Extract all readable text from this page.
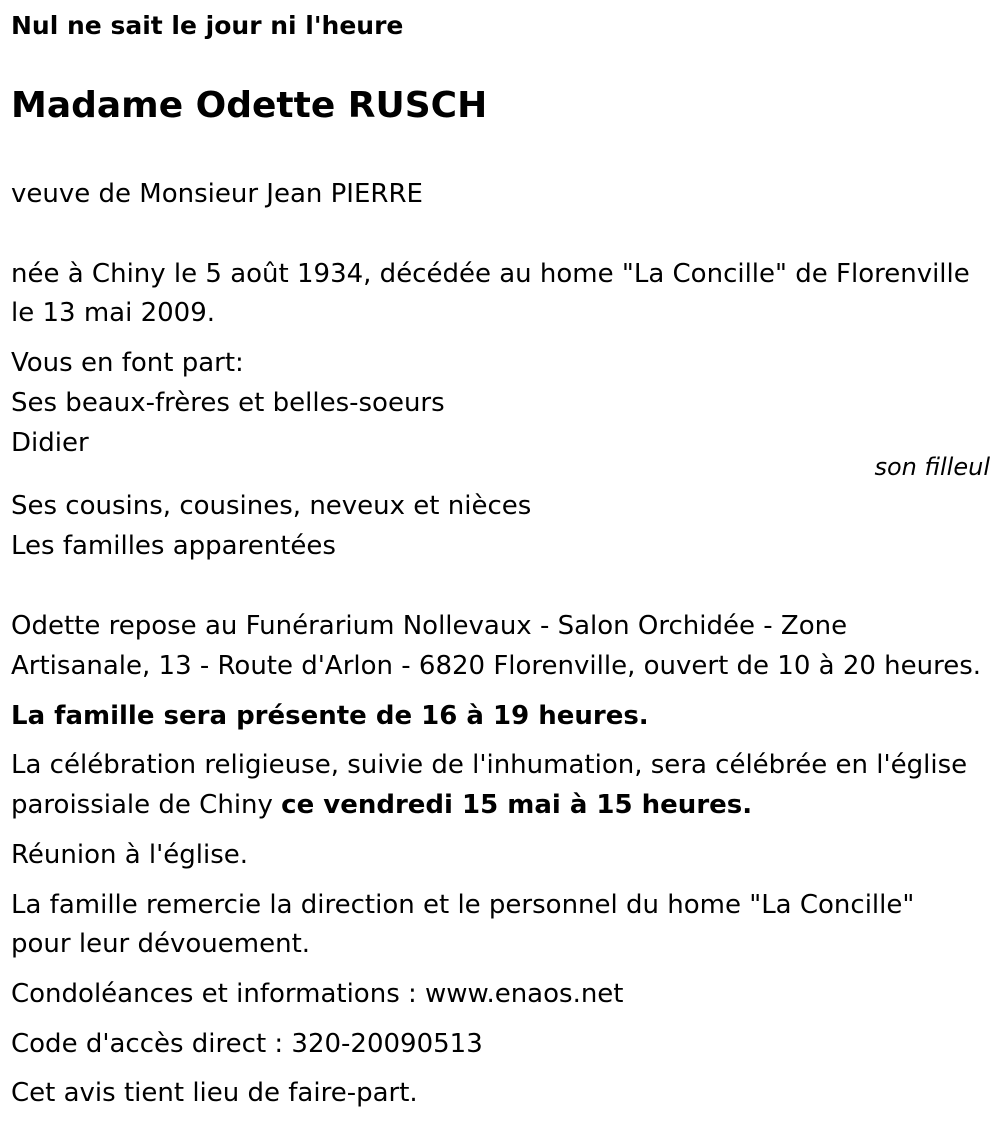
Nul ne sait le jour ni l'heure
Madame Odette RUSCH
veuve de Monsieur Jean PIERRE
née à Chiny le 5 août 1934, décédée au home "La Concille" de Florenville
le 13 mai 2009.
Vous en font part:
Ses beaux-frères et belles-soeurs
Didier
son filleul
Ses cousins, cousines, neveux et nièces
Les familles apparentées
Odette repose au Funérarium Nollevaux - Salon Orchidée - Zone
Artisanale, 13 - Route d'Arlon - 6820 Florenville, ouvert de 10 à 20 heures.
La famille sera présente de 16 à 19 heures.
La célébration religieuse, suivie de l'inhumation, sera célébrée en l'église
paroissiale de Chiny ce vendredi 15 mai à 15 heures.
Réunion à l'église.
La famille remercie la direction et le personnel du home "La Concille"
pour leur dévouement.
Condoléances et informations : www.enaos.net
Code d'accès direct : 320-20090513
Cet avis tient lieu de faire-part.
